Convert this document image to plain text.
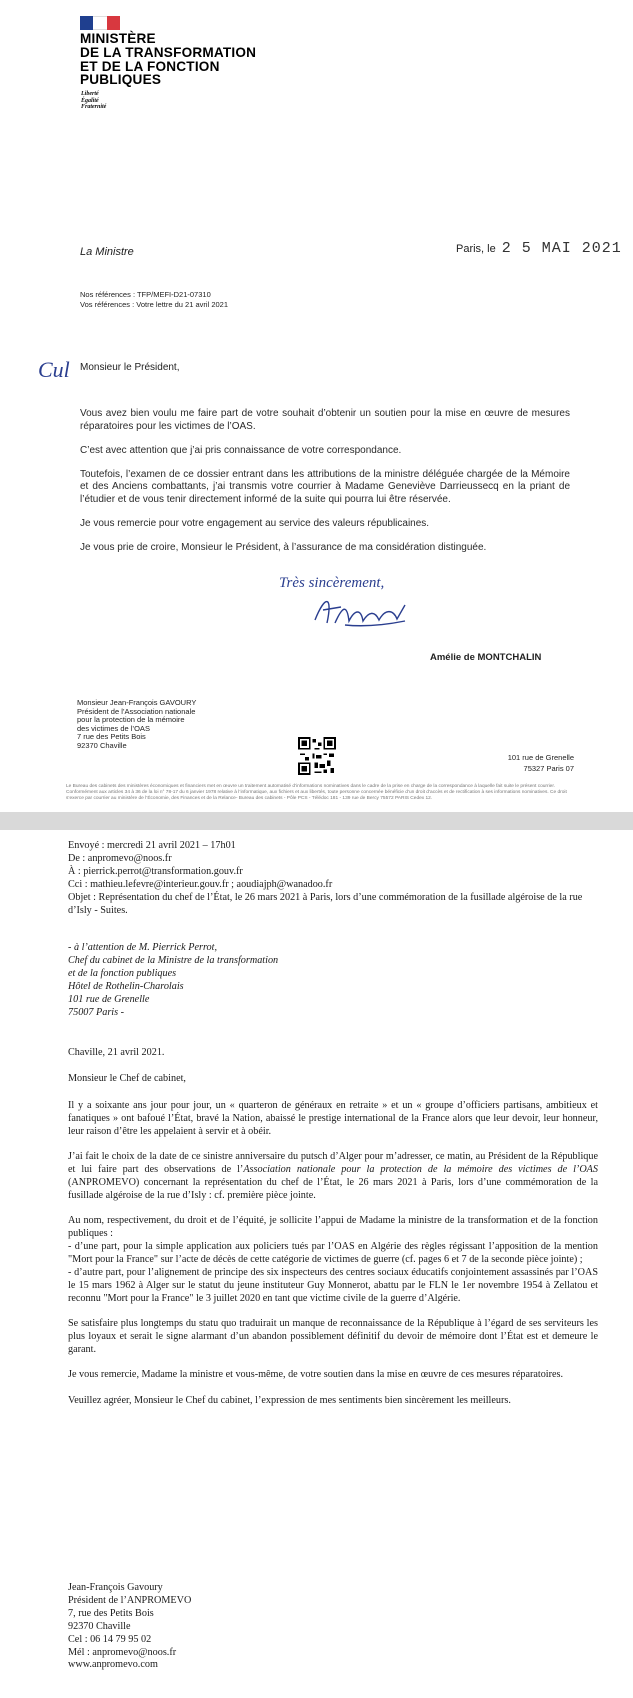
MINISTÈRE
DE LA TRANSFORMATION
ET DE LA FONCTION
PUBLIQUES
Liberté
Égalité
Fraternité
La Ministre	Paris, le 2 5 MAI 2021
Nos références : TFP/MEFI-D21-07310
Vos références : Votre lettre du 21 avril 2021
Cul Monsieur le Président,

Vous avez bien voulu me faire part de votre souhait d’obtenir un soutien pour la mise en œuvre de mesures réparatoires pour les victimes de l’OAS.

C’est avec attention que j’ai pris connaissance de votre correspondance.

Toutefois, l’examen de ce dossier entrant dans les attributions de la ministre déléguée chargée de la Mémoire et des Anciens combattants, j’ai transmis votre courrier à Madame Geneviève Darrieussecq en la priant de l’étudier et de vous tenir directement informé de la suite qui pourra lui être réservée.

Je vous remercie pour votre engagement au service des valeurs républicaines.

Je vous prie de croire, Monsieur le Président, à l’assurance de ma considération distinguée.

Très sincèrement,
Amélie de MONTCHALIN
Monsieur Jean-François GAVOURY
Président de l’Association nationale
pour la protection de la mémoire
des victimes de l’OAS
7 rue des Petits Bois
92370 Chaville
101 rue de Grenelle
75327 Paris 07
Le Bureau des cabinets des ministères économiques et financiers met en œuvre un traitement automatisé d’informations nominatives dans le cadre de la prise en charge de la correspondance à laquelle fait suite le présent courrier. Conformément aux articles 34 à 36 de la loi n° 78-17 du 6 janvier 1978 relative à l’informatique, aux fichiers et aux libertés, toute personne concernée bénéficie d’un droit d’accès et de rectification à ses informations nominatives. Ce droit s’exerce par courrier au ministère de l’Économie, des Finances et de la Relance- Bureau des cabinets - Pôle PCS - Télédoc 181 - 139 rue de Bercy 75572 PARIS Cedex 12.
Envoyé : mercredi 21 avril 2021 – 17h01
De : anpromevo@noos.fr
À : pierrick.perrot@transformation.gouv.fr
Cci : mathieu.lefevre@interieur.gouv.fr ; aoudiajph@wanadoo.fr
Objet : Représentation du chef de l’État, le 26 mars 2021 à Paris, lors d’une commémoration de la fusillade algéroise de la rue d’Isly - Suites.
- à l’attention de M. Pierrick Perrot,
Chef du cabinet de la Ministre de la transformation
et de la fonction publiques
Hôtel de Rothelin-Charolais
101 rue de Grenelle
75007 Paris -
Chaville, 21 avril 2021.
Monsieur le Chef de cabinet,

Il y a soixante ans jour pour jour, un « quarteron de généraux en retraite » et un « groupe d’officiers partisans, ambitieux et fanatiques » ont bafoué l’État, bravé la Nation, abaissé le prestige international de la France alors que leur devoir, leur honneur, leur raison d’être les appelaient à servir et à obéir.

J’ai fait le choix de la date de ce sinistre anniversaire du putsch d’Alger pour m’adresser, ce matin, au Président de la République et lui faire part des observations de l’Association nationale pour la protection de la mémoire des victimes de l’OAS (ANPROMEVO) concernant la représentation du chef de l’État, le 26 mars 2021 à Paris, lors d’une commémoration de la fusillade algéroise de la rue d’Isly : cf. première pièce jointe.

Au nom, respectivement, du droit et de l’équité, je sollicite l’appui de Madame la ministre de la transformation et de la fonction publiques :

- d’une part, pour la simple application aux policiers tués par l’OAS en Algérie des règles régissant l’apposition de la mention "Mort pour la France" sur l’acte de décès de cette catégorie de victimes de guerre (cf. pages 6 et 7 de la seconde pièce jointe) ;

- d’autre part, pour l’alignement de principe des six inspecteurs des centres sociaux éducatifs conjointement assassinés par l’OAS le 15 mars 1962 à Alger sur le statut du jeune instituteur Guy Monnerot, abattu par le FLN le 1er novembre 1954 à Zellatou et reconnu "Mort pour la France" le 3 juillet 2020 en tant que victime civile de la guerre d’Algérie.

Se satisfaire plus longtemps du statu quo traduirait un manque de reconnaissance de la République à l’égard de ses serviteurs les plus loyaux et serait le signe alarmant d’un abandon possiblement définitif du devoir de mémoire dont l’État est et demeure le garant.

Je vous remercie, Madame la ministre et vous-même, de votre soutien dans la mise en œuvre de ces mesures réparatoires.

Veuillez agréer, Monsieur le Chef du cabinet, l’expression de mes sentiments bien sincèrement les meilleurs.

Jean-François Gavoury
Président de l’ANPROMEVO
7, rue des Petits Bois
92370 Chaville
Cel : 06 14 79 95 02
Mél : anpromevo@noos.fr
www.anpromevo.com
